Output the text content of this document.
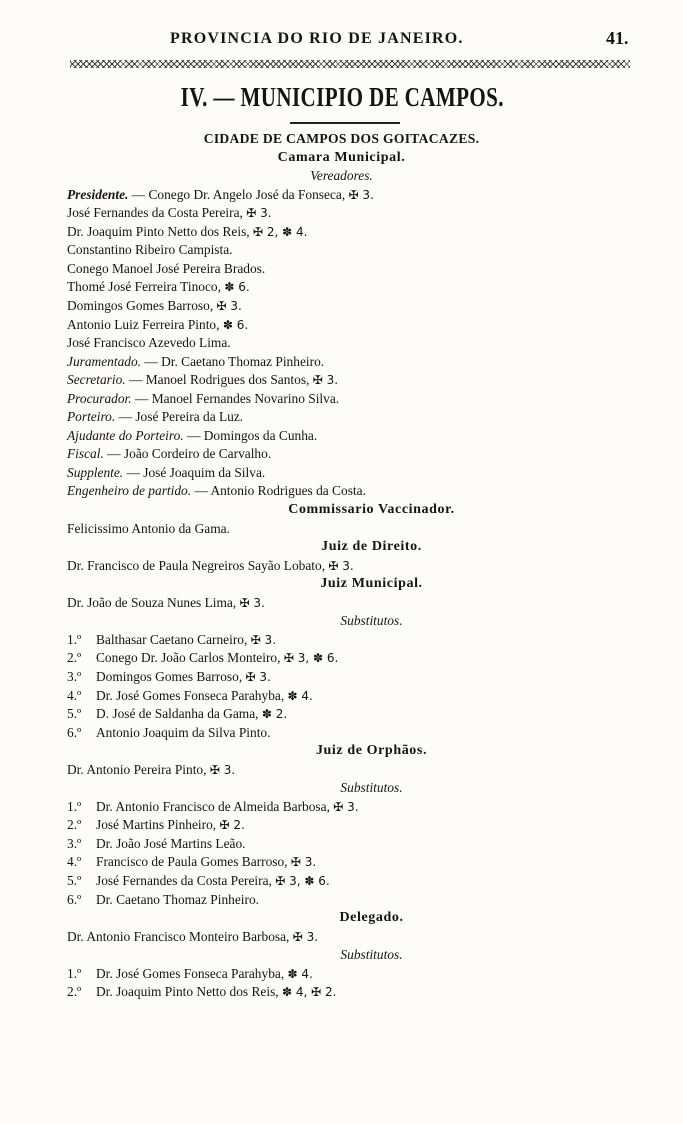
PROVINCIA DO RIO DE JANEIRO.	41.
IV. — MUNICIPIO DE CAMPOS.
CIDADE DE CAMPOS DOS GOITACAZES.
Camara Municipal.
Vereadores.
Presidente. — Conego Dr. Angelo José da Fonseca, ✠ 3.
José Fernandes da Costa Pereira, ✠ 3.
Dr. Joaquim Pinto Netto dos Reis, ✠ 2, ✽ 4.
Constantino Ribeiro Campista.
Conego Manoel José Pereira Brados.
Thomé José Ferreira Tinoco, ✽ 6.
Domingos Gomes Barroso, ✠ 3.
Antonio Luiz Ferreira Pinto, ✽ 6.
José Francisco Azevedo Lima.
Juramentado. — Dr. Caetano Thomaz Pinheiro.
Secretario. — Manoel Rodrigues dos Santos, ✠ 3.
Procurador. — Manoel Fernandes Novarino Silva.
Porteiro. — José Pereira da Luz.
Ajudante do Porteiro. — Domingos da Cunha.
Fiscal. — João Cordeiro de Carvalho.
Supplente. — José Joaquim da Silva.
Engenheiro de partido. — Antonio Rodrigues da Costa.
Commissario Vaccinador.
Felicissimo Antonio da Gama.
Juiz de Direito.
Dr. Francisco de Paula Negreiros Sayão Lobato, ✠ 3.
Juiz Municipal.
Dr. João de Souza Nunes Lima, ✠ 3.
Substitutos.
1.º Balthasar Caetano Carneiro, ✠ 3.
2.º Conego Dr. João Carlos Monteiro, ✠ 3, ✽ 6.
3.º Domingos Gomes Barroso, ✠ 3.
4.º Dr. José Gomes Fonseca Parahyba, ✽ 4.
5.º D. José de Saldanha da Gama, ✽ 2.
6.º Antonio Joaquim da Silva Pinto.
Juiz de Orphãos.
Dr. Antonio Pereira Pinto, ✠ 3.
Substitutos.
1.º Dr. Antonio Francisco de Almeida Barbosa, ✠ 3.
2.º José Martins Pinheiro, ✠ 2.
3.º Dr. João José Martins Leão.
4.º Francisco de Paula Gomes Barroso, ✠ 3.
5.º José Fernandes da Costa Pereira, ✠ 3, ✽ 6.
6.º Dr. Caetano Thomaz Pinheiro.
Delegado.
Dr. Antonio Francisco Monteiro Barbosa, ✠ 3.
Substitutos.
1.º Dr. José Gomes Fonseca Parahyba, ✽ 4.
2.º Dr. Joaquim Pinto Netto dos Reis, ✽ 4, ✠ 2.
